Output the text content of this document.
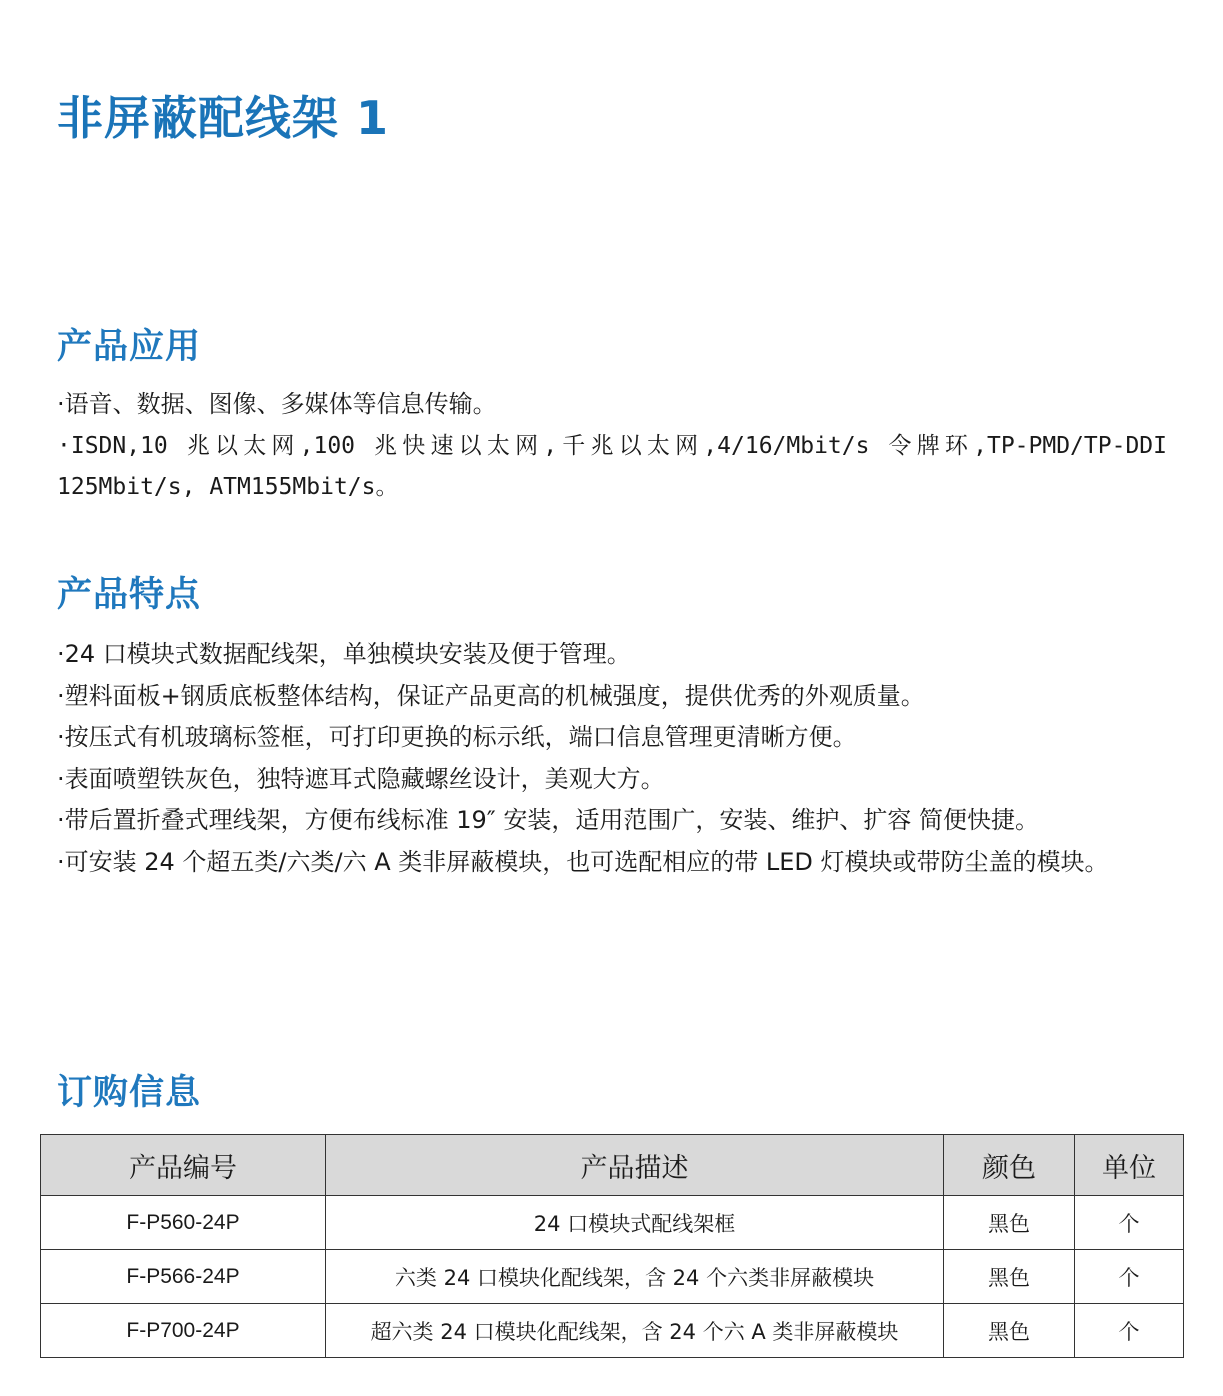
非屏蔽配线架 1
产品应用
·语音、数据、图像、多媒体等信息传输。
·ISDN,10 兆以太网,100 兆快速以太网,千兆以太网,4/16/Mbit/s 令牌环,TP-PMD/TP-DDI 125Mbit/s, ATM155Mbit/s。
产品特点
·24 口模块式数据配线架，单独模块安装及便于管理。
·塑料面板+钢质底板整体结构，保证产品更高的机械强度，提供优秀的外观质量。
·按压式有机玻璃标签框，可打印更换的标示纸，端口信息管理更清晰方便。
·表面喷塑铁灰色，独特遮耳式隐藏螺丝设计，美观大方。
·带后置折叠式理线架，方便布线标准 19″ 安装，适用范围广，安装、维护、扩容 简便快捷。
·可安装 24 个超五类/六类/六 A 类非屏蔽模块，也可选配相应的带 LED 灯模块或带防尘盖的模块。
订购信息
产品编号	产品描述	颜色	单位
F-P560-24P	24 口模块式配线架框	黑色	个
F-P566-24P	六类 24 口模块化配线架，含 24 个六类非屏蔽模块	黑色	个
F-P700-24P	超六类 24 口模块化配线架，含 24 个六 A 类非屏蔽模块	黑色	个
